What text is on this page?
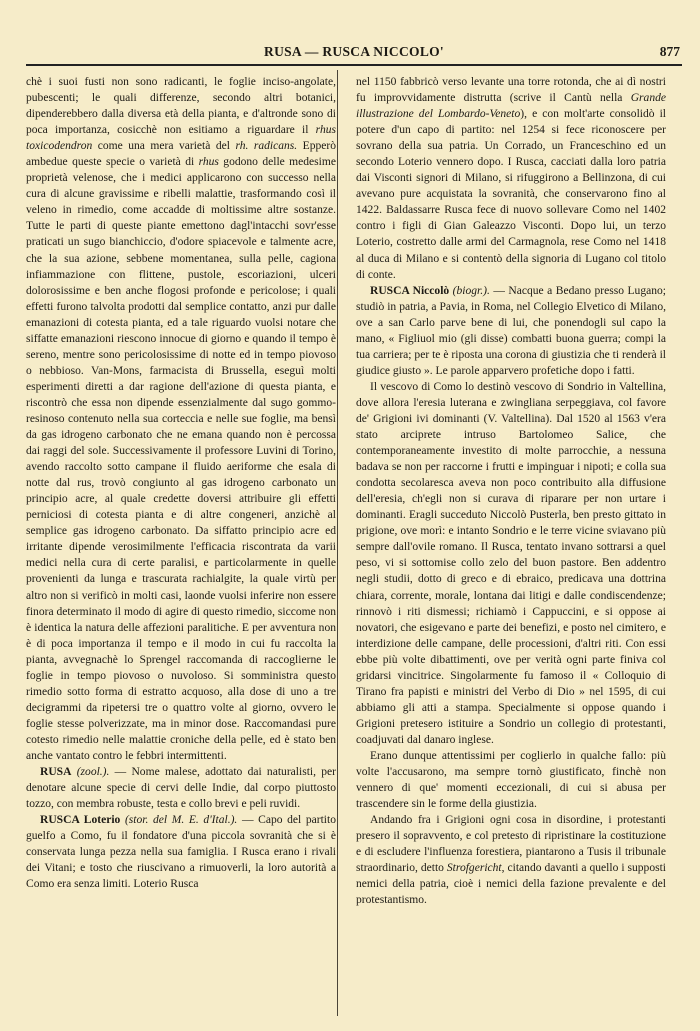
RUSA — RUSCA NICCOLO'	877

chè i suoi fusti non sono radicanti, le foglie inciso-angolate, pubescenti; le quali differenze, secondo altri botanici, dipenderebbero dalla diversa età della pianta, e d'altronde sono di poca importanza, cosicchè non esitiamo a riguardare il rhus toxicodendron come una mera varietà del rh. radicans. Epperò ambedue queste specie o varietà di rhus godono delle medesime proprietà velenose, che i medici applicarono con successo nella cura di alcune gravissime e ribelli malattie, trasformando così il veleno in rimedio, come accadde di moltissime altre sostanze. Tutte le parti di queste piante emettono dagl'intacchi sovr'esse praticati un sugo bianchiccio, d'odore spiacevole e talmente acre, che la sua azione, sebbene momentanea, sulla pelle, cagiona infiammazione con flittene, pustole, escoriazioni, ulceri dolorosissime e ben anche flogosi profonde e pericolose; i quali effetti furono talvolta prodotti dal semplice contatto, anzi pur dalle emanazioni di cotesta pianta, ed a tale riguardo vuolsi notare che siffatte emanazioni riescono innocue di giorno e quando il tempo è sereno, mentre sono pericolosissime di notte ed in tempo piovoso o nebbioso. Van-Mons, farmacista di Brussella, eseguì molti esperimenti diretti a dar ragione dell'azione di questa pianta, e riscontrò che essa non dipende essenzialmente dal sugo gommo-resinoso contenuto nella sua corteccia e nelle sue foglie, ma bensì da gas idrogeno carbonato che ne emana quando non è percossa dai raggi del sole. Successivamente il professore Luvini di Torino, avendo raccolto sotto campane il fluido aeriforme che esala di notte dal rus, trovò congiunto al gas idrogeno carbonato un principio acre, al quale credette doversi attribuire gli effetti perniciosi di cotesta pianta e di altre congeneri, anzichè al semplice gas idrogeno carbonato. Da siffatto principio acre ed irritante dipende verosimilmente l'efficacia riscontrata da varii medici nella cura di certe paralisi, e particolarmente in quelle provenienti da lunga e trascurata rachialgite, la quale virtù per altro non si verificò in molti casi, laonde vuolsi inferire non essere finora determinato il modo di agire di questo rimedio, siccome non è identica la natura delle affezioni paralitiche. E per avventura non è di poca importanza il tempo e il modo in cui fu raccolta la pianta, avvegnachè lo Sprengel raccomanda di raccoglierne le foglie in tempo piovoso o nuvoloso. Si somministra questo rimedio sotto forma di estratto acquoso, alla dose di uno a tre decigrammi da ripetersi tre o quattro volte al giorno, ovvero le foglie stesse polverizzate, ma in minor dose. Raccomandasi pure cotesto rimedio nelle malattie croniche della pelle, ed è stato ben anche vantato contro le febbri intermittenti.

RUSA (zool.). — Nome malese, adottato dai naturalisti, per denotare alcune specie di cervi delle Indie, dal corpo piuttosto tozzo, con membra robuste, testa e collo brevi e peli ruvidi.

RUSCA Loterio (stor. del M. E. d'Ital.). — Capo del partito guelfo a Como, fu il fondatore d'una piccola sovranità che si è conservata lunga pezza nella sua famiglia. I Rusca erano i rivali dei Vitani; e tosto che riuscivano a rimuoverli, la loro autorità a Como era senza limiti. Loterio Rusca

nel 1150 fabbricò verso levante una torre rotonda, che ai dì nostri fu improvvidamente distrutta (scrive il Cantù nella Grande illustrazione del Lombardo-Veneto), e con molt'arte consolidò il potere d'un capo di partito: nel 1254 si fece riconoscere per sovrano della sua patria. Un Corrado, un Franceschino ed un secondo Loterio vennero dopo. I Rusca, cacciati dalla loro patria dai Visconti signori di Milano, si rifuggirono a Bellinzona, di cui avevano pure acquistata la sovranità, che conservarono fino al 1422. Baldassarre Rusca fece di nuovo sollevare Como nel 1402 contro i figli di Gian Galeazzo Visconti. Dopo lui, un terzo Loterio, costretto dalle armi del Carmagnola, rese Como nel 1418 al duca di Milano e si contentò della signoria di Lugano col titolo di conte.

RUSCA Niccolò (biogr.). — Nacque a Bedano presso Lugano; studiò in patria, a Pavia, in Roma, nel Collegio Elvetico di Milano, ove a san Carlo parve bene di lui, che ponendogli sul capo la mano, « Figliuol mio (gli disse) combatti buona guerra; compi la tua carriera; per te è riposta una corona di giustizia che ti renderà il giudice giusto ». Le parole apparvero profetiche dopo i fatti.

Il vescovo di Como lo destinò vescovo di Sondrio in Valtellina, dove allora l'eresia luterana e zwingliana serpeggiava, col favore de' Grigioni ivi dominanti (V. Valtellina). Dal 1520 al 1563 v'era stato arciprete intruso Bartolomeo Salice, che contemporaneamente investito di molte parrocchie, a nessuna badava se non per raccorne i frutti e impinguar i nipoti; e colla sua condotta secolaresca aveva non poco contribuito alla diffusione dell'eresia, ch'egli non si curava di riparare per non urtare i dominanti. Eragli succeduto Niccolò Pusterla, ben presto gittato in prigione, ove morì: e intanto Sondrio e le terre vicine sviavano più sempre dall'ovile romano. Il Rusca, tentato invano sottrarsi a quel peso, vi si sottomise collo zelo del buon pastore. Ben addentro negli studii, dotto di greco e di ebraico, predicava una dottrina chiara, corrente, morale, lontana dai litigi e dalle condiscendenze; rinnovò i riti dismessi; richiamò i Cappuccini, e si oppose ai novatori, che esigevano e parte dei benefizi, e posto nel cimitero, e interdizione delle campane, delle processioni, d'altri riti. Con essi ebbe più volte dibattimenti, ove per verità ogni parte finiva col gridarsi vincitrice. Singolarmente fu famoso il « Colloquio di Tirano fra papisti e ministri del Verbo di Dio » nel 1595, di cui abbiamo gli atti a stampa. Specialmente si oppose quando i Grigioni pretesero istituire a Sondrio un collegio di protestanti, coadjuvati dal danaro inglese.

Erano dunque attentissimi per coglierlo in qualche fallo: più volte l'accusarono, ma sempre tornò giustificato, finchè non vennero di que' momenti eccezionali, di cui si abusa per trascendere sin le forme della giustizia.

Andando fra i Grigioni ogni cosa in disordine, i protestanti presero il sopravvento, e col pretesto di ripristinare la costituzione e di escludere l'influenza forestiera, piantarono a Tusis il tribunale straordinario, detto Strofgericht, citando davanti a quello i supposti nemici della patria, cioè i nemici della fazione prevalente e del protestantismo.
